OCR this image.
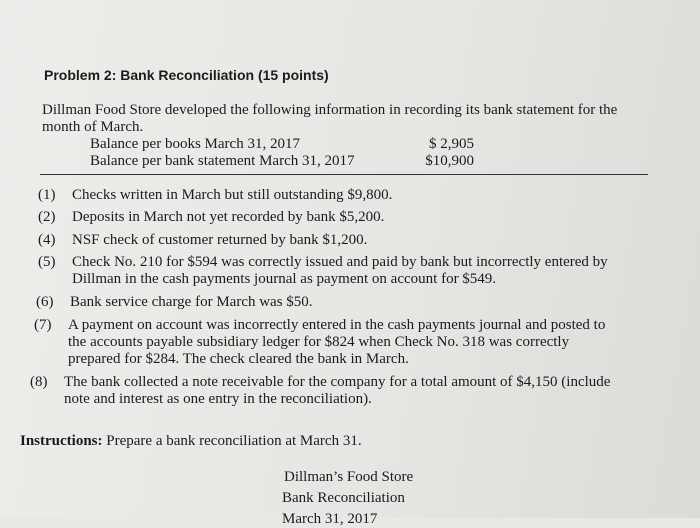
Problem 2: Bank Reconciliation (15 points)
Dillman Food Store developed the following information in recording its bank statement for the
month of March.
Balance per books March 31, 2017	$ 2,905
Balance per bank statement March 31, 2017	$10,900
(1)	Checks written in March but still outstanding $9,800.
(2)	Deposits in March not yet recorded by bank $5,200.
(4)	NSF check of customer returned by bank $1,200.
(5)	Check No. 210 for $594 was correctly issued and paid by bank but incorrectly entered by
Dillman in the cash payments journal as payment on account for $549.
(6)	Bank service charge for March was $50.
(7)	A payment on account was incorrectly entered in the cash payments journal and posted to
the accounts payable subsidiary ledger for $824 when Check No. 318 was correctly
prepared for $284. The check cleared the bank in March.
(8)	The bank collected a note receivable for the company for a total amount of $4,150 (include
note and interest as one entry in the reconciliation).
Instructions: Prepare a bank reconciliation at March 31.
Dillman’s Food Store
Bank Reconciliation
March 31, 2017
